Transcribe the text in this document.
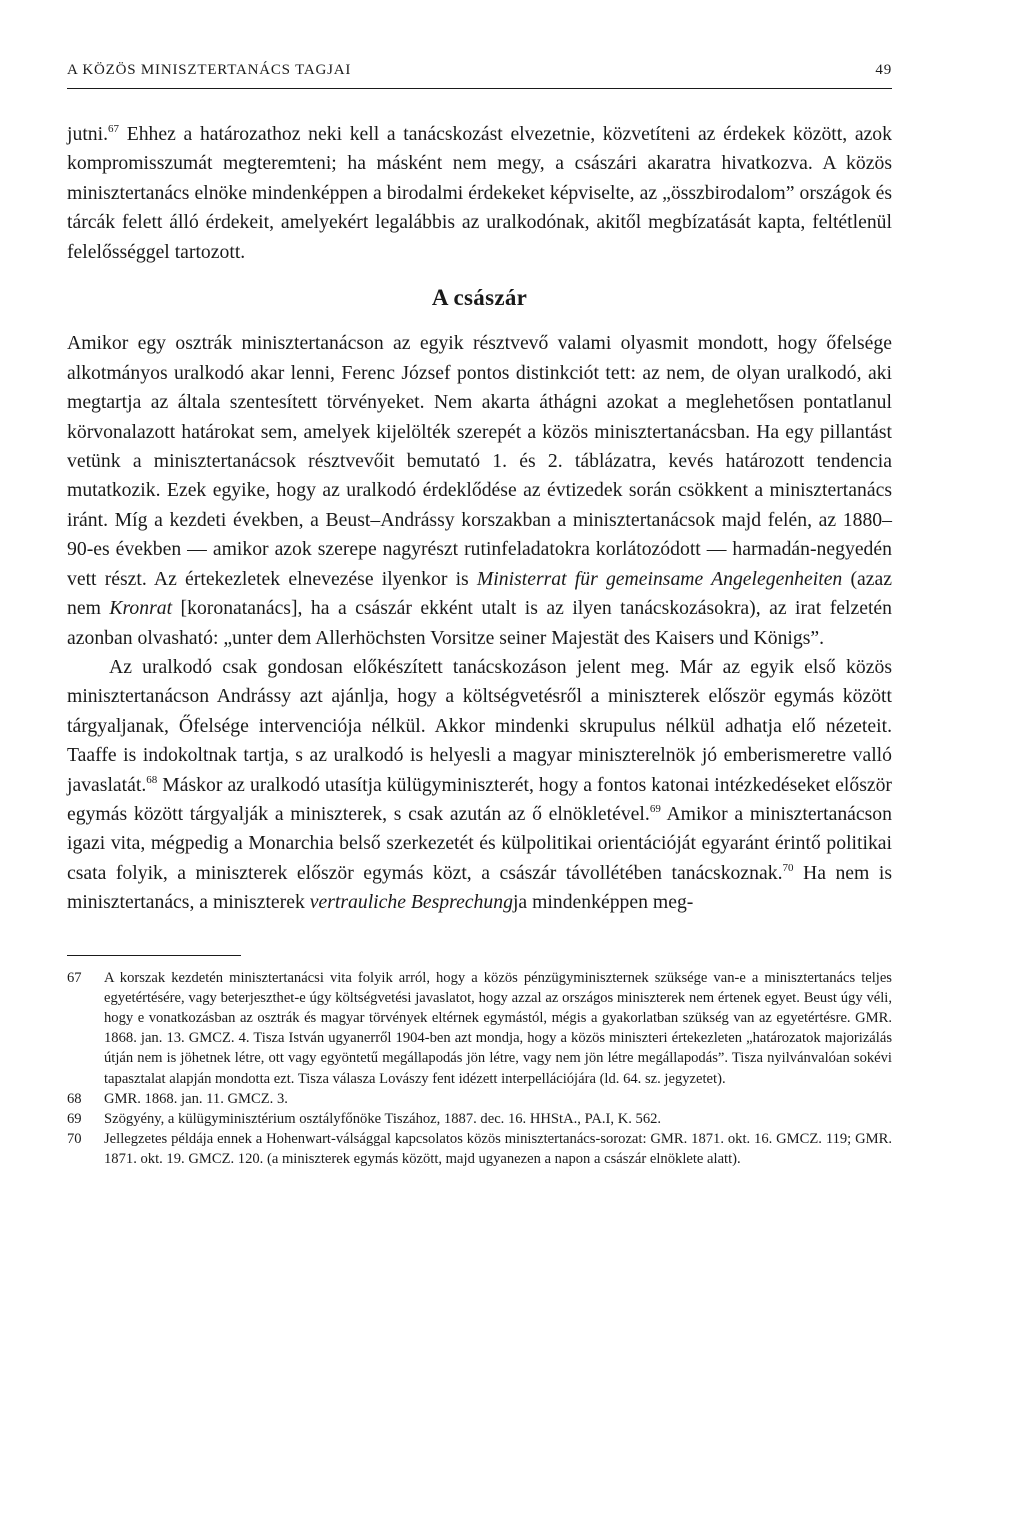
A KÖZÖS MINISZTERTANÁCS TAGJAI	49

jutni.$^{67}$ Ehhez a határozathoz neki kell a tanácskozást elvezetnie, közvetíteni az érdekek között, azok kompromisszumát megteremteni; ha másként nem megy, a császári akaratra hivatkozva. A közös minisztertanács elnöke mindenképpen a birodalmi érdekeket képviselte, az „összbirodalom” országok és tárcák felett álló érdekeit, amelyekért legalábbis az uralkodónak, akitől megbízatását kapta, feltétlenül felelősséggel tartozott.

A császár

Amikor egy osztrák minisztertanácson az egyik résztvevő valami olyasmit mondott, hogy őfelsége alkotmányos uralkodó akar lenni, Ferenc József pontos distinkciót tett: az nem, de olyan uralkodó, aki megtartja az általa szentesített törvényeket. Nem akarta áthágni azokat a meglehetősen pontatlanul körvonalazott határokat sem, amelyek kijelölték szerepét a közös minisztertanácsban. Ha egy pillantást vetünk a minisztertanácsok résztvevőit bemutató 1. és 2. táblázatra, kevés határozott tendencia mutatkozik. Ezek egyike, hogy az uralkodó érdeklődése az évtizedek során csökkent a minisztertanács iránt. Míg a kezdeti években, a Beust–Andrássy korszakban a minisztertanácsok majd felén, az 1880–90-es években — amikor azok szerepe nagyrészt rutinfeladatokra korlátozódott — harmadán-negyedén vett részt. Az értekezletek elnevezése ilyenkor is Ministerrat für gemeinsame Angelegenheiten (azaz nem Kronrat [koronatanács], ha a császár ekként utalt is az ilyen tanácskozásokra), az irat felzetén azonban olvasható: „unter dem Allerhöchsten Vorsitze seiner Majestät des Kaisers und Königs”.

Az uralkodó csak gondosan előkészített tanácskozáson jelent meg. Már az egyik első közös minisztertanácson Andrássy azt ajánlja, hogy a költségvetésről a miniszterek először egymás között tárgyaljanak, Őfelsége intervenciója nélkül. Akkor mindenki skrupulus nélkül adhatja elő nézeteit. Taaffe is indokoltnak tartja, s az uralkodó is helyesli a magyar miniszterelnök jó emberismeretre valló javaslatát.$^{68}$ Máskor az uralkodó utasítja külügyminiszterét, hogy a fontos katonai intézkedéseket először egymás között tárgyalják a miniszterek, s csak azután az ő elnökletével.$^{69}$ Amikor a minisztertanácson igazi vita, mégpedig a Monarchia belső szerkezetét és külpolitikai orientációját egyaránt érintő politikai csata folyik, a miniszterek először egymás közt, a császár távollétében tanácskoznak.$^{70}$ Ha nem is minisztertanács, a miniszterek vertrauliche Besprechungja mindenképpen meg-

67	A korszak kezdetén minisztertanácsi vita folyik arról, hogy a közös pénzügyminiszternek szüksége van-e a minisztertanács teljes egyetértésére, vagy beterjeszthet-e úgy költségvetési javaslatot, hogy azzal az országos miniszterek nem értenek egyet. Beust úgy véli, hogy e vonatkozásban az osztrák és magyar törvények eltérnek egymástól, mégis a gyakorlatban szükség van az egyetértésre. GMR. 1868. jan. 13. GMCZ. 4. Tisza István ugyanerről 1904-ben azt mondja, hogy a közös miniszteri értekezleten „határozatok majorizálás útján nem is jöhetnek létre, ott vagy egyöntetű megállapodás jön létre, vagy nem jön létre megállapodás”. Tisza nyilvánvalóan sokévi tapasztalat alapján mondotta ezt. Tisza válasza Lovászy fent idézett interpellációjára (ld. 64. sz. jegyzetet).
68	GMR. 1868. jan. 11. GMCZ. 3.
69	Szögyény, a külügyminisztérium osztályfőnöke Tiszához, 1887. dec. 16. HHStA., PA.I, K. 562.
70	Jellegzetes példája ennek a Hohenwart-válsággal kapcsolatos közös minisztertanács-sorozat: GMR. 1871. okt. 16. GMCZ. 119; GMR. 1871. okt. 19. GMCZ. 120. (a miniszterek egymás között, majd ugyanezen a napon a császár elnöklete alatt).
